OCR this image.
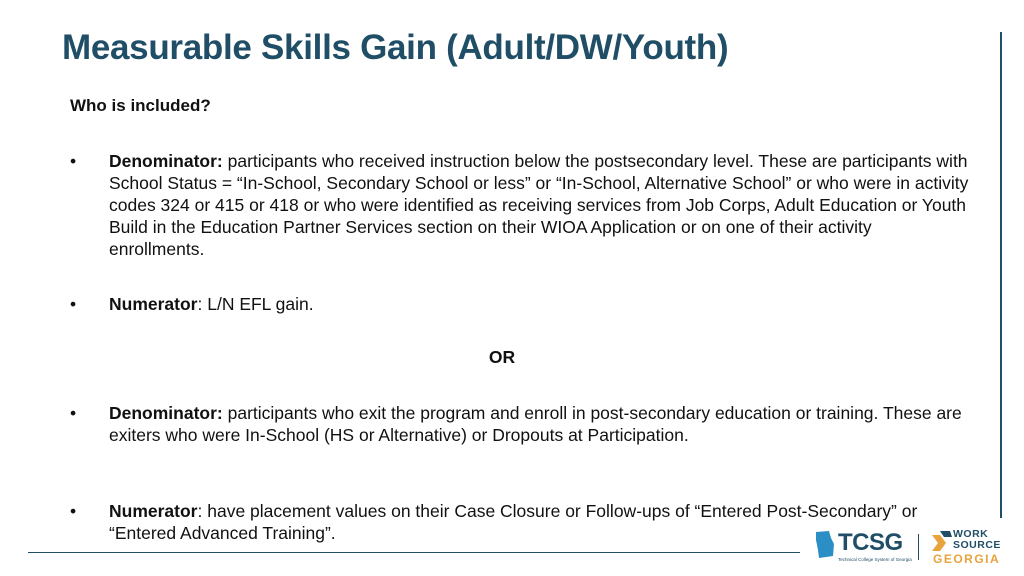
Measurable Skills Gain (Adult/DW/Youth)
Who is included?
• Denominator: participants who received instruction below the postsecondary level. These are participants with School Status = “In-School, Secondary School or less” or “In-School, Alternative School” or who were in activity codes 324 or 415 or 418 or who were identified as receiving services from Job Corps, Adult Education or Youth Build in the Education Partner Services section on their WIOA Application or on one of their activity enrollments.
• Numerator: L/N EFL gain.
OR
• Denominator: participants who exit the program and enroll in post-secondary education or training. These are exiters who were In-School (HS or Alternative) or Dropouts at Participation.
• Numerator: have placement values on their Case Closure or Follow-ups of “Entered Post-Secondary” or “Entered Advanced Training”.	TCSG
Technical College System of Georgia
WORK
SOURCE
GEORGIA
